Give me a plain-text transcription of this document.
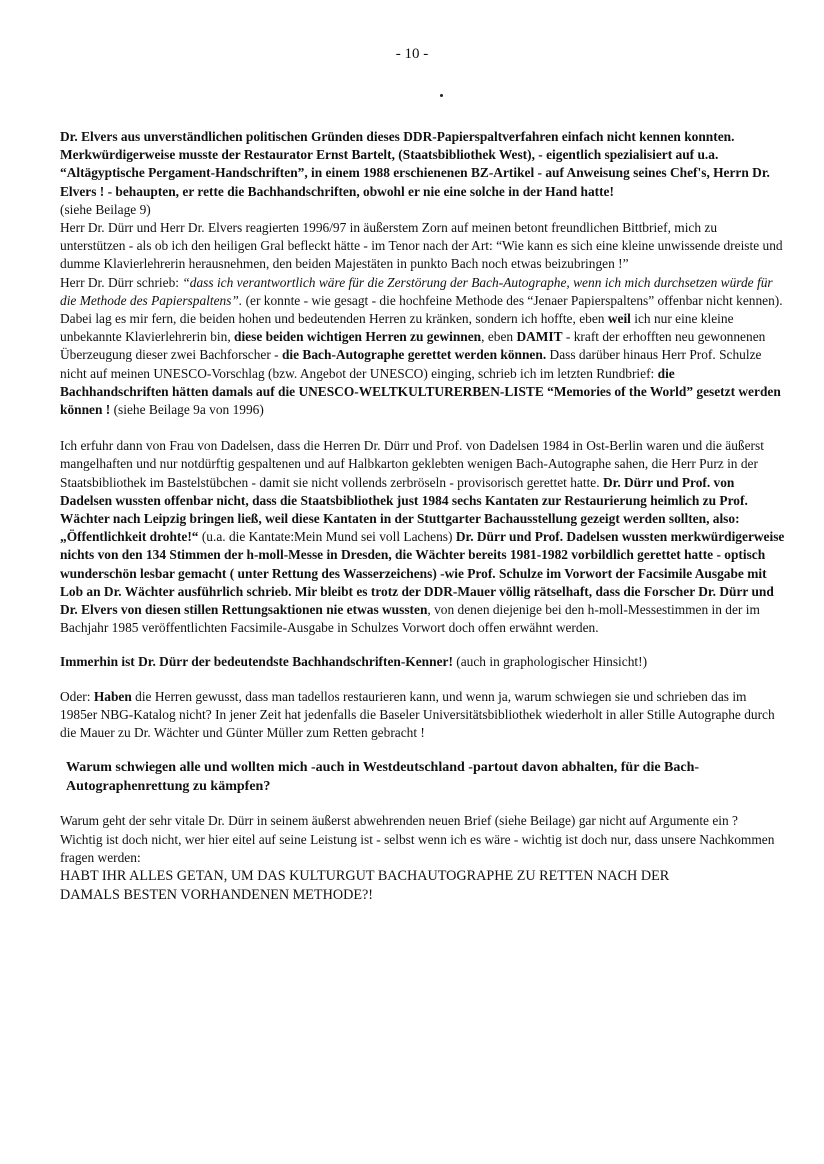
- 10 -

Dr. Elvers aus unverständlichen politischen Gründen dieses DDR-Papierspaltverfahren einfach nicht kennen konnten.
Merkwürdigerweise musste der Restaurator Ernst Bartelt, (Staatsbibliothek West), - eigentlich spezialisiert auf u.a. “Altägyptische Pergament-Handschriften”, in einem 1988 erschienenen BZ-Artikel - auf Anweisung seines Chef's, Herrn Dr. Elvers ! - behaupten, er rette die Bachhandschriften, obwohl er nie eine solche in der Hand hatte!
(siehe Beilage 9)

Herr Dr. Dürr und Herr Dr. Elvers reagierten 1996/97 in äußerstem Zorn auf meinen betont freundlichen Bittbrief, mich zu unterstützen - als ob ich den heiligen Gral befleckt hätte - im Tenor nach der Art: “Wie kann es sich eine kleine unwissende dreiste und dumme Klavierlehrerin herausnehmen, den beiden Majestäten in punkto Bach noch etwas beizubringen !”

Herr Dr. Dürr schrieb: “dass ich verantwortlich wäre für die Zerstörung der Bach-Autographe, wenn ich mich durchsetzen würde für die Methode des Papierspaltens”. (er konnte - wie gesagt - die hochfeine Methode des “Jenaer Papierspaltens” offenbar nicht kennen).

Dabei lag es mir fern, die beiden hohen und bedeutenden Herren zu kränken, sondern ich hoffte, eben weil ich nur eine kleine unbekannte Klavierlehrerin bin, diese beiden wichtigen Herren zu gewinnen, eben DAMIT - kraft der erhofften neu gewonnenen Überzeugung dieser zwei Bachforscher - die Bach-Autographe gerettet werden können. Dass darüber hinaus Herr Prof. Schulze nicht auf meinen UNESCO-Vorschlag (bzw. Angebot der UNESCO) einging, schrieb ich im letzten Rundbrief: die Bachhandschriften hätten damals auf die UNESCO-WELTKULTURERBEN-LISTE “Memories of the World” gesetzt werden können ! (siehe Beilage 9a von 1996)

Ich erfuhr dann von Frau von Dadelsen, dass die Herren Dr. Dürr und Prof. von Dadelsen 1984 in Ost-Berlin waren und die äußerst mangelhaften und nur notdürftig gespaltenen und auf Halbkarton geklebten wenigen Bach-Autographe sahen, die Herr Purz in der Staatsbibliothek im Bastelstübchen - damit sie nicht vollends zerbröseln - provisorisch gerettet hatte. Dr. Dürr und Prof. von Dadelsen wussten offenbar nicht, dass die Staatsbibliothek just 1984 sechs Kantaten zur Restaurierung heimlich zu Prof. Wächter nach Leipzig bringen ließ, weil diese Kantaten in der Stuttgarter Bachausstellung gezeigt werden sollten, also:„Öffentlichkeit drohte!“ (u.a. die Kantate:Mein Mund sei voll Lachens) Dr. Dürr und Prof. Dadelsen wussten merkwürdigerweise nichts von den 134 Stimmen der h-moll-Messe in Dresden, die Wächter bereits 1981-1982 vorbildlich gerettet hatte - optisch wunderschön lesbar gemacht ( unter Rettung des Wasserzeichens) -wie Prof. Schulze im Vorwort der Facsimile Ausgabe mit Lob an Dr. Wächter ausführlich schrieb. Mir bleibt es trotz der DDR-Mauer völlig rätselhaft, dass die Forscher Dr. Dürr und Dr. Elvers von diesen stillen Rettungsaktionen nie etwas wussten, von denen diejenige bei den h-moll-Messestimmen in der im Bachjahr 1985 veröffentlichten Facsimile-Ausgabe in Schulzes Vorwort doch offen erwähnt werden.

Immerhin ist Dr. Dürr der bedeutendste Bachhandschriften-Kenner! (auch in graphologischer Hinsicht!)

Oder: Haben die Herren gewusst, dass man tadellos restaurieren kann, und wenn ja, warum schwiegen sie und schrieben das im 1985er NBG-Katalog nicht? In jener Zeit hat jedenfalls die Baseler Universitätsbibliothek wiederholt in aller Stille Autographe durch die Mauer zu Dr. Wächter und Günter Müller zum Retten gebracht !

Warum schwiegen alle und wollten mich -auch in Westdeutschland -partout davon abhalten, für die Bach-Autographenrettung zu kämpfen?

Warum geht der sehr vitale Dr. Dürr in seinem äußerst abwehrenden neuen Brief (siehe Beilage) gar nicht auf Argumente ein ?
Wichtig ist doch nicht, wer hier eitel auf seine Leistung ist - selbst wenn ich es wäre - wichtig ist doch nur, dass unsere Nachkommen fragen werden:

HABT IHR ALLES GETAN, UM DAS KULTURGUT BACHAUTOGRAPHE ZU RETTEN NACH DER DAMALS BESTEN VORHANDENEN METHODE?!
